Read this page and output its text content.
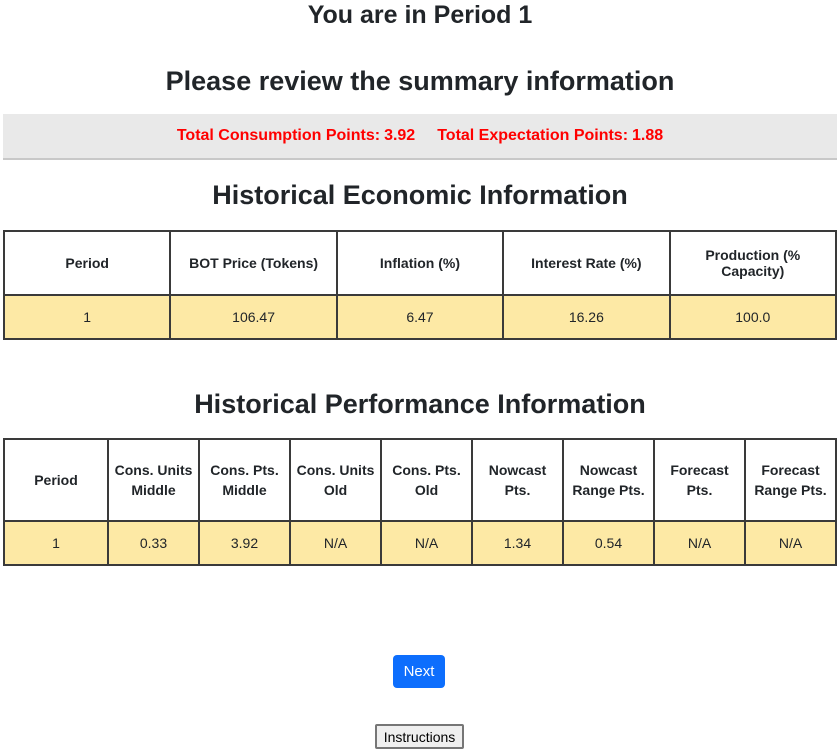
You are in Period 1
Please review the summary information
Total Consumption Points: 3.92 Total Expectation Points: 1.88
Historical Economic Information
Period	BOT Price (Tokens)	Inflation (%)	Interest Rate (%)	Production (% Capacity)
1	106.47	6.47	16.26	100.0
Historical Performance Information
Period	Cons. Units Middle	Cons. Pts. Middle	Cons. Units Old	Cons. Pts. Old	Nowcast Pts.	Nowcast Range Pts.	Forecast Pts.	Forecast Range Pts.
1	0.33	3.92	N/A	N/A	1.34	0.54	N/A	N/A
Next
Instructions
